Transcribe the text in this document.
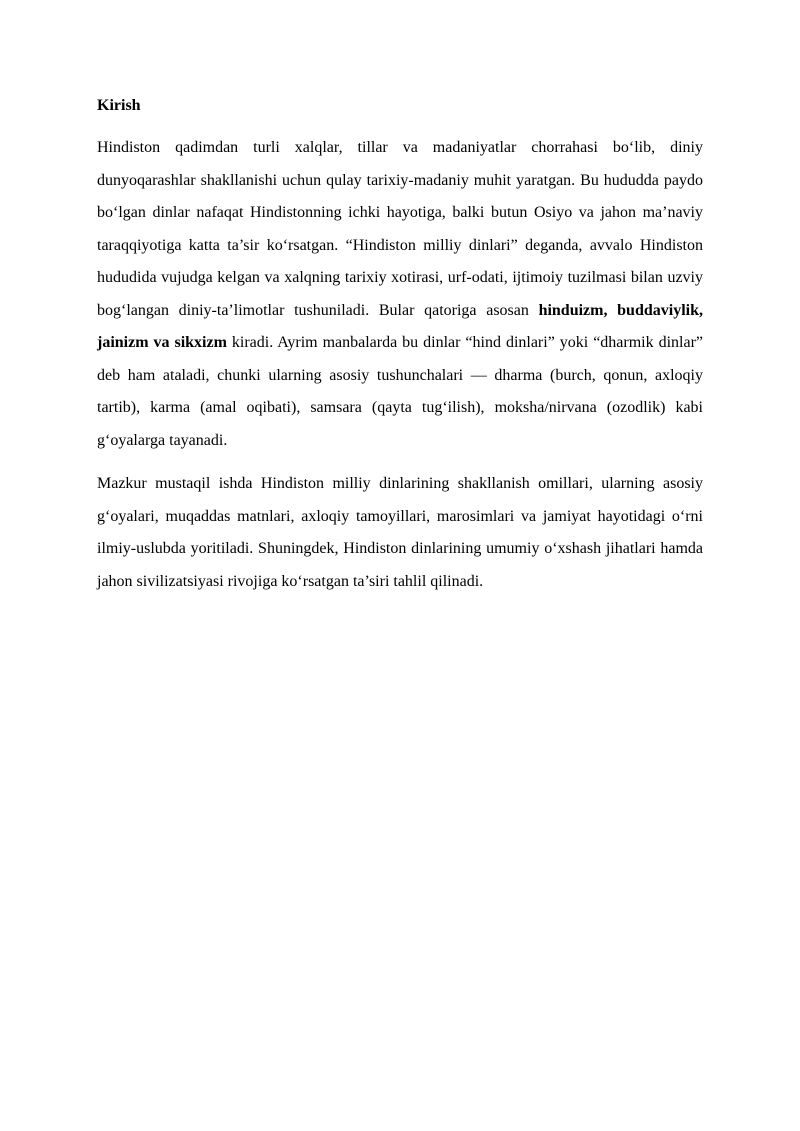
Kirish

Hindiston qadimdan turli xalqlar, tillar va madaniyatlar chorrahasi bo‘lib, diniy dunyoqarashlar shakllanishi uchun qulay tarixiy-madaniy muhit yaratgan. Bu hududda paydo bo‘lgan dinlar nafaqat Hindistonning ichki hayotiga, balki butun Osiyo va jahon ma’naviy taraqqiyotiga katta ta’sir ko‘rsatgan. “Hindiston milliy dinlari” deganda, avvalo Hindiston hududida vujudga kelgan va xalqning tarixiy xotirasi, urf-odati, ijtimoiy tuzilmasi bilan uzviy bog‘langan diniy-ta’limotlar tushuniladi. Bular qatoriga asosan hinduizm, buddaviylik, jainizm va sikxizm kiradi. Ayrim manbalarda bu dinlar “hind dinlari” yoki “dharmik dinlar” deb ham ataladi, chunki ularning asosiy tushunchalari — dharma (burch, qonun, axloqiy tartib), karma (amal oqibati), samsara (qayta tug‘ilish), moksha/nirvana (ozodlik) kabi g‘oyalarga tayanadi.

Mazkur mustaqil ishda Hindiston milliy dinlarining shakllanish omillari, ularning asosiy gʻoyalari, muqaddas matnlari, axloqiy tamoyillari, marosimlari va jamiyat hayotidagi o‘rni ilmiy-uslubda yoritiladi. Shuningdek, Hindiston dinlarining umumiy o‘xshash jihatlari hamda jahon sivilizatsiyasi rivojiga ko‘rsatgan ta’siri tahlil qilinadi.
